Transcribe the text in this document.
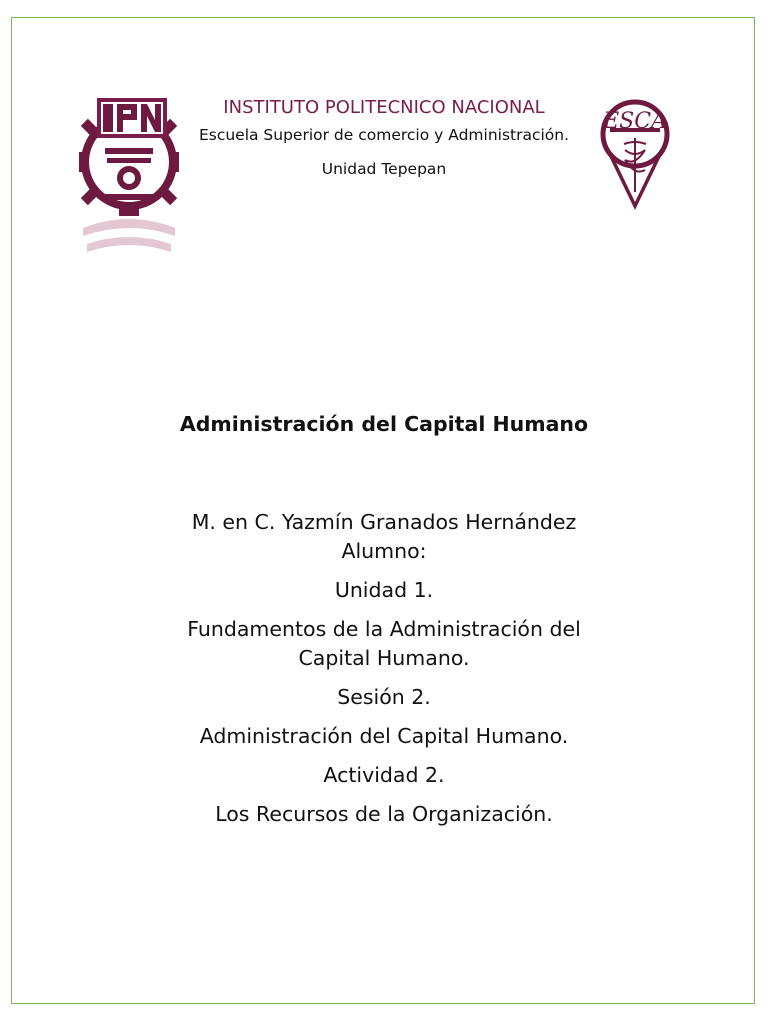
ESCA

INSTITUTO POLITECNICO NACIONAL

Escuela Superior de comercio y Administración.
Unidad Tepepan
Administración del Capital Humano
M. en C. Yazmín Granados Hernández
Alumno:
Unidad 1.
Fundamentos de la Administración del Capital Humano.
Sesión 2.
Administración del Capital Humano.
Actividad 2.
Los Recursos de la Organización.
